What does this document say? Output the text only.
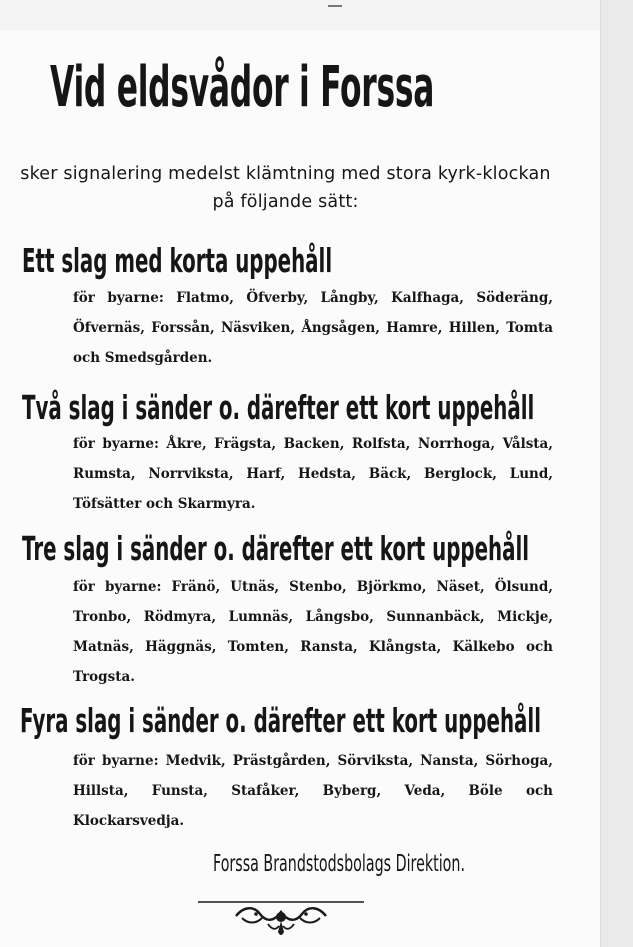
Vid eldsvådor i Forssa

sker signalering medelst klämtning med stora kyrk-klockan på följande sätt:

Ett slag med korta uppehåll

för byarne: Flatmo, Öfverby, Långby, Kalfhaga, Söderäng, Öfvernäs, Forssån, Näsviken, Ångsågen, Hamre, Hillen, Tomta och Smedsgården.

Två slag i sänder o. därefter ett kort uppehåll

för byarne: Åkre, Frägsta, Backen, Rolfsta, Norrhoga, Vålsta, Rumsta, Norrviksta, Harf, Hedsta, Bäck, Berglock, Lund, Töfsätter och Skarmyra.

Tre slag i sänder o. därefter ett kort uppehåll

för byarne: Fränö, Utnäs, Stenbo, Björkmo, Näset, Ölsund, Tronbo, Rödmyra, Lumnäs, Långsbo, Sunnanbäck, Mickje, Matnäs, Häggnäs, Tomten, Ransta, Klångsta, Kälkebo och Trogsta.

Fyra slag i sänder o. därefter ett kort uppehåll

för byarne: Medvik, Prästgården, Sörviksta, Nansta, Sörhoga, Hillsta, Funsta, Stafåker, Byberg, Veda, Böle och Klockarsvedja.

Forssa Brandstodsbolags Direktion.
